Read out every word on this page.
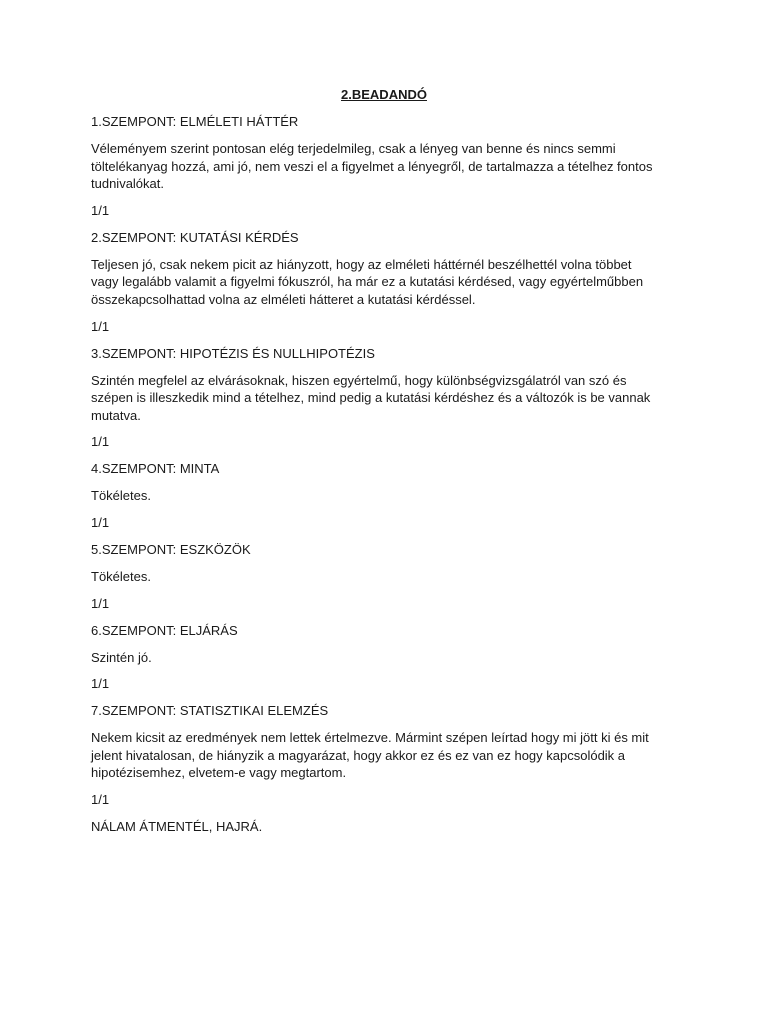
2.BEADANDÓ

1.SZEMPONT: ELMÉLETI HÁTTÉR

Véleményem szerint pontosan elég terjedelmileg, csak a lényeg van benne és nincs semmi töltelékanyag hozzá, ami jó, nem veszi el a figyelmet a lényegről, de tartalmazza a tételhez fontos tudnivalókat.

1/1

2.SZEMPONT: KUTATÁSI KÉRDÉS

Teljesen jó, csak nekem picit az hiányzott, hogy az elméleti háttérnél beszélhettél volna többet vagy legalább valamit a figyelmi fókuszról, ha már ez a kutatási kérdésed, vagy egyértelműbben összekapcsolhattad volna az elméleti hátteret a kutatási kérdéssel.

1/1

3.SZEMPONT: HIPOTÉZIS ÉS NULLHIPOTÉZIS

Szintén megfelel az elvárásoknak, hiszen egyértelmű, hogy különbségvizsgálatról van szó és szépen is illeszkedik mind a tételhez, mind pedig a kutatási kérdéshez és a változók is be vannak mutatva.

1/1

4.SZEMPONT: MINTA

Tökéletes.

1/1

5.SZEMPONT: ESZKÖZÖK

Tökéletes.

1/1

6.SZEMPONT: ELJÁRÁS

Szintén jó.

1/1

7.SZEMPONT: STATISZTIKAI ELEMZÉS

Nekem kicsit az eredmények nem lettek értelmezve. Mármint szépen leírtad hogy mi jött ki és mit jelent hivatalosan, de hiányzik a magyarázat, hogy akkor ez és ez van ez hogy kapcsolódik a hipotézisemhez, elvetem-e vagy megtartom.

1/1

NÁLAM ÁTMENTÉL, HAJRÁ.
